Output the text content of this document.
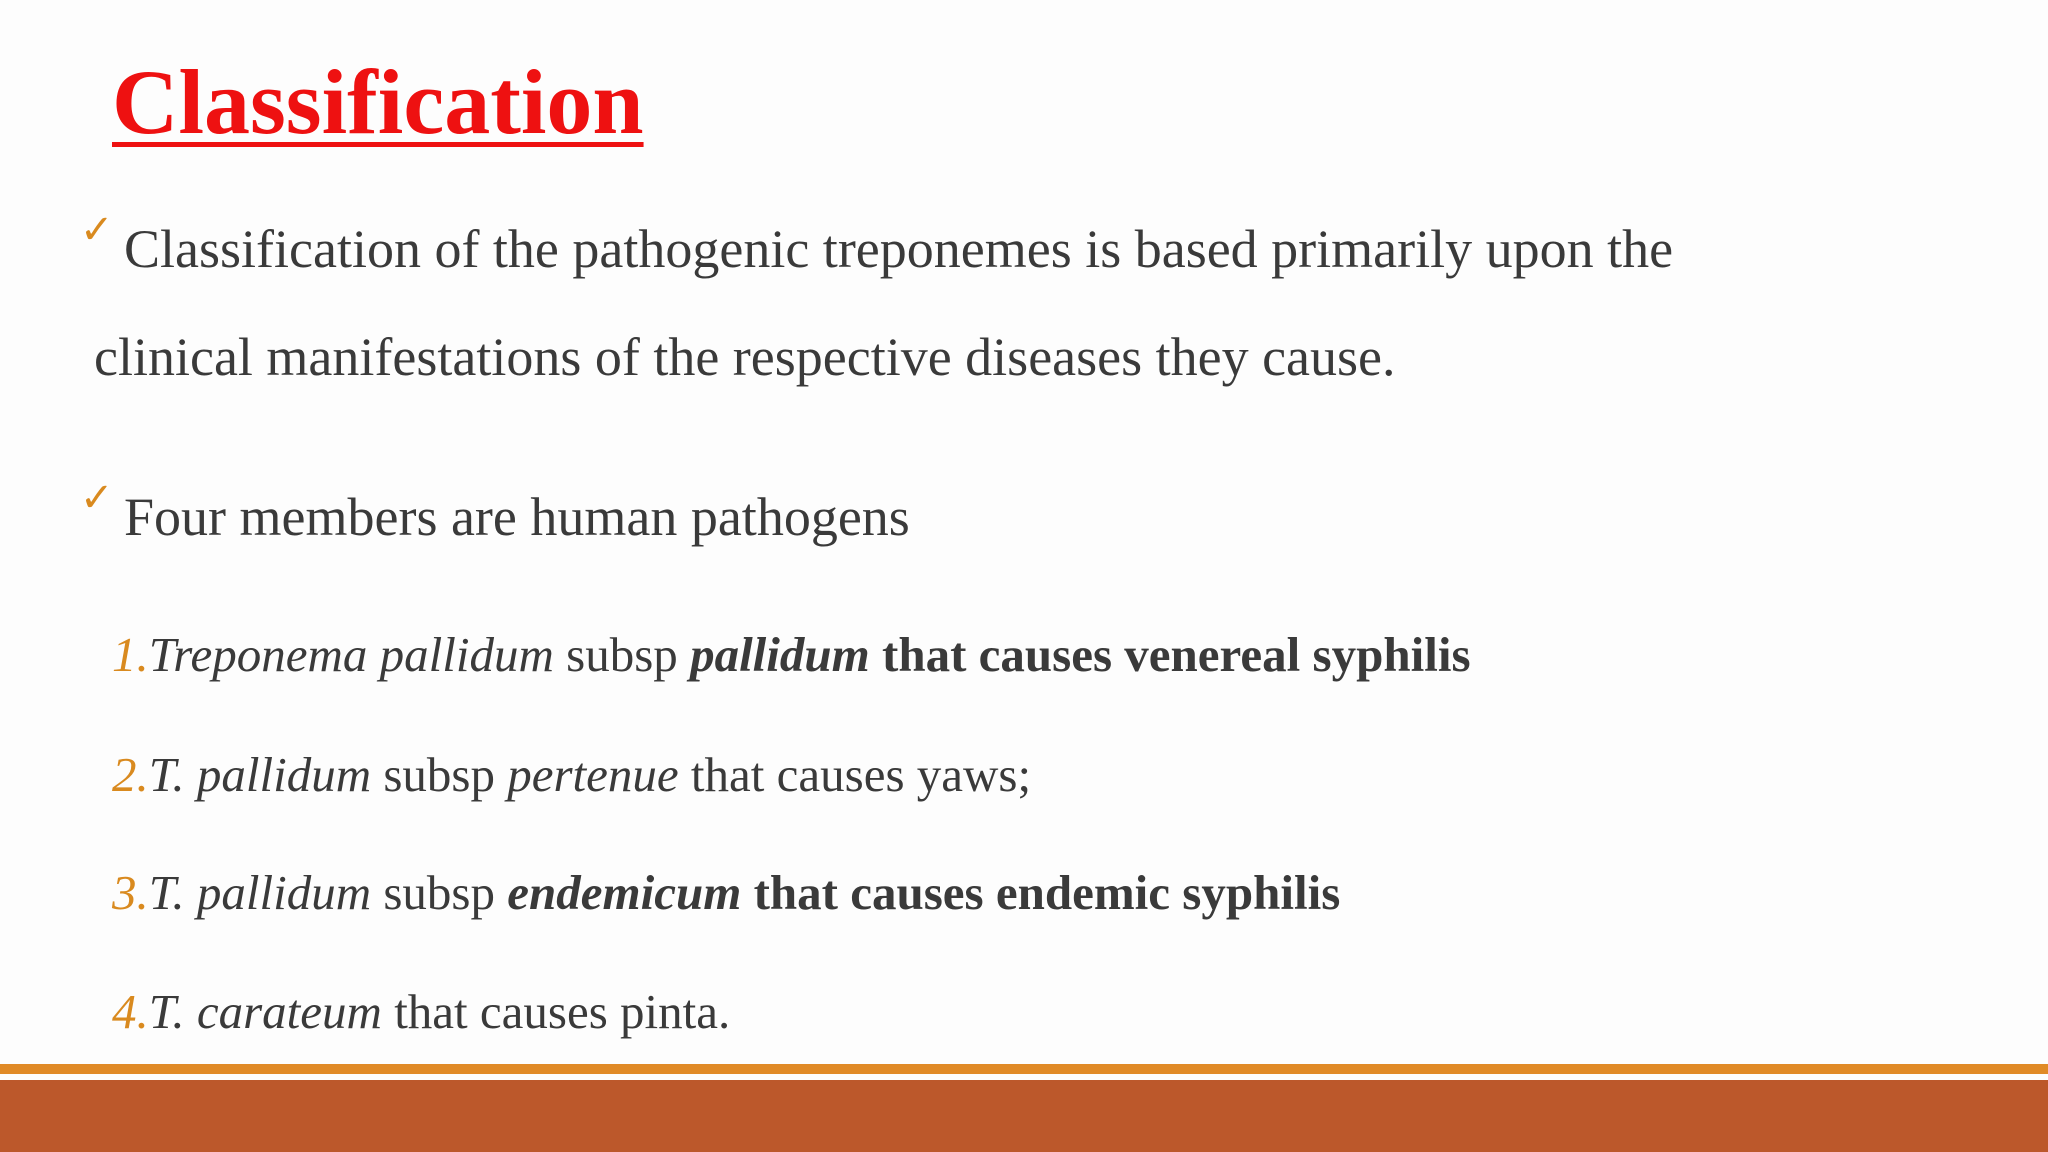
Classification
✓ Classification of the pathogenic treponemes is based primarily upon the
clinical manifestations of the respective diseases they cause.
✓ Four members are human pathogens
1.Treponema pallidum subsp pallidum that causes venereal syphilis
2.T. pallidum subsp pertenue that causes yaws;
3.T. pallidum subsp endemicum that causes endemic syphilis
4.T. carateum that causes pinta.
